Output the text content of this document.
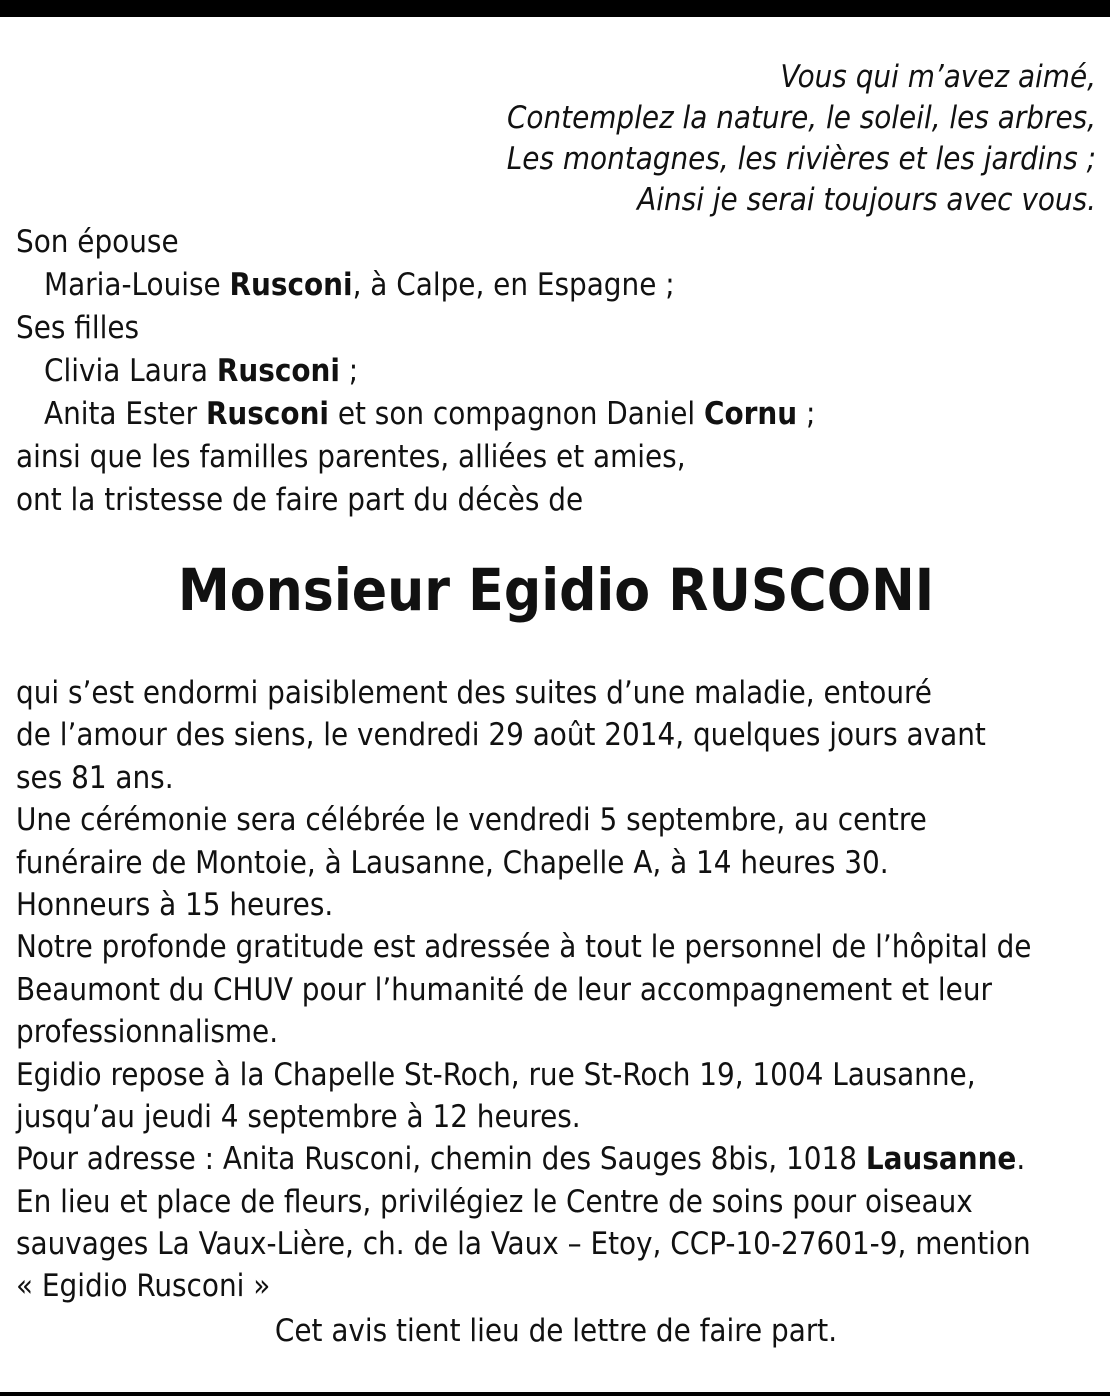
Vous qui m’avez aimé,
Contemplez la nature, le soleil, les arbres,
Les montagnes, les rivières et les jardins ;
Ainsi je serai toujours avec vous.
Son épouse
Maria-Louise Rusconi, à Calpe, en Espagne ;
Ses filles
Clivia Laura Rusconi ;
Anita Ester Rusconi et son compagnon Daniel Cornu ;
ainsi que les familles parentes, alliées et amies,
ont la tristesse de faire part du décès de
Monsieur Egidio RUSCONI
qui s’est endormi paisiblement des suites d’une maladie, entouré
de l’amour des siens, le vendredi 29 août 2014, quelques jours avant
ses 81 ans.
Une cérémonie sera célébrée le vendredi 5 septembre, au centre
funéraire de Montoie, à Lausanne, Chapelle A, à 14 heures 30.
Honneurs à 15 heures.
Notre profonde gratitude est adressée à tout le personnel de l’hôpital de
Beaumont du CHUV pour l’humanité de leur accompagnement et leur
professionnalisme.
Egidio repose à la Chapelle St-Roch, rue St-Roch 19, 1004 Lausanne,
jusqu’au jeudi 4 septembre à 12 heures.
Pour adresse : Anita Rusconi, chemin des Sauges 8bis, 1018 Lausanne.
En lieu et place de fleurs, privilégiez le Centre de soins pour oiseaux
sauvages La Vaux-Lière, ch. de la Vaux – Etoy, CCP-10-27601-9, mention
« Egidio Rusconi »
Cet avis tient lieu de lettre de faire part.
